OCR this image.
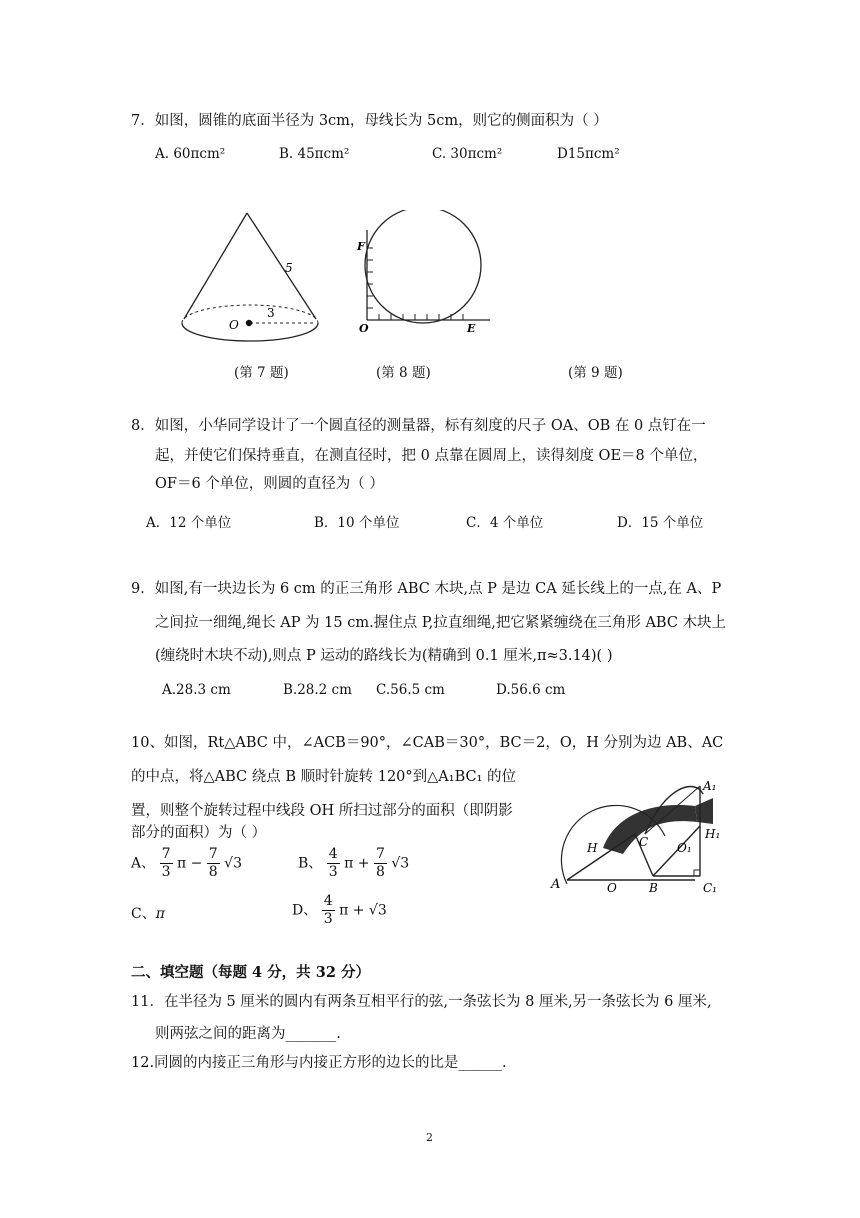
7．如图，圆锥的底面半径为 3cm，母线长为 5cm，则它的侧面积为（ ）
A. 60πcm²	B. 45πcm²	C. 30πcm²	D15πcm²
5
3
O
F
O	E
(第 7 题)	(第 8 题)	(第 9 题)
8．如图，小华同学设计了一个圆直径的测量器，标有刻度的尺子 OA、OB 在 0 点钉在一
起，并使它们保持垂直，在测直径时，把 0 点靠在圆周上，读得刻度 OE＝8 个单位，
OF＝6 个单位，则圆的直径为（ ）
A．12 个单位	B．10 个单位	C．4 个单位	D．15 个单位
9．如图,有一块边长为 6 cm 的正三角形 ABC 木块,点 P 是边 CA 延长线上的一点,在 A、P
之间拉一细绳,绳长 AP 为 15 cm.握住点 P,拉直细绳,把它紧紧缠绕在三角形 ABC 木块上
(缠绕时木块不动),则点 P 运动的路线长为(精确到 0.1 厘米,π≈3.14)( )
A.28.3 cm	B.28.2 cm C.56.5 cm	D.56.6 cm
10、如图，Rt△ABC 中，∠ACB＝90°，∠CAB＝30°，BC＝2，O，H 分别为边 AB、AC
的中点，将△ABC 绕点 B 顺时针旋转 120°到△A₁BC₁ 的位
置，则整个旋转过程中线段 OH 所扫过部分的面积（即阴影
部分的面积）为（ ）
A、 $\frac{7}{3}$ $\pi - \frac{7}{8} √3$	B、 $\frac{4}{3}$ $\pi + \frac{7}{8} √3$
C、π	D、 $\frac{4}{3}$ π + √3
A
A₁
H	C O₁
H₁
O	B	C₁
二、填空题（每题 4 分，共 32 分）
11．在半径为 5 厘米的圆内有两条互相平行的弦,一条弦长为 8 厘米,另一条弦长为 6 厘米,
则两弦之间的距离为_______.
12.同圆的内接正三角形与内接正方形的边长的比是______.
2
